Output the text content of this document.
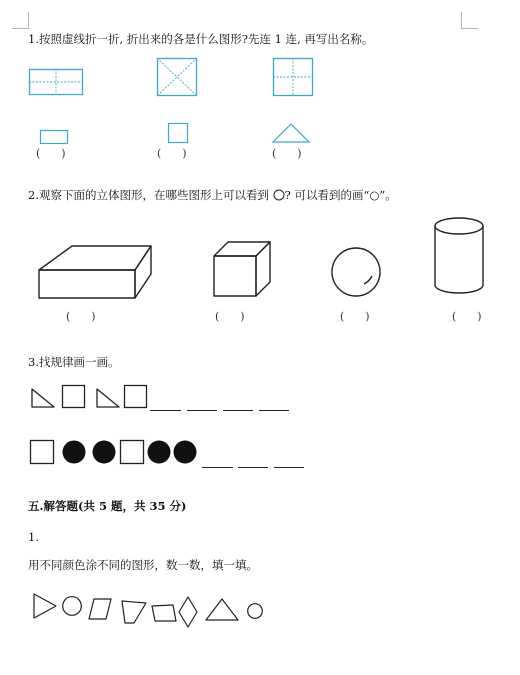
1.按照虚线折一折, 折出来的各是什么图形?先连 1 连, 再写出名称。
(      )	(      )	(      )
2.观察下面的立体图形，在哪些图形上可以看到 ? 可以看到的画“○”。
(      )	(      )	(      )	(      )
3.找规律画一画。
五.解答题(共 5 题，共 35 分)
1.
用不同颜色涂不同的图形，数一数，填一填。
